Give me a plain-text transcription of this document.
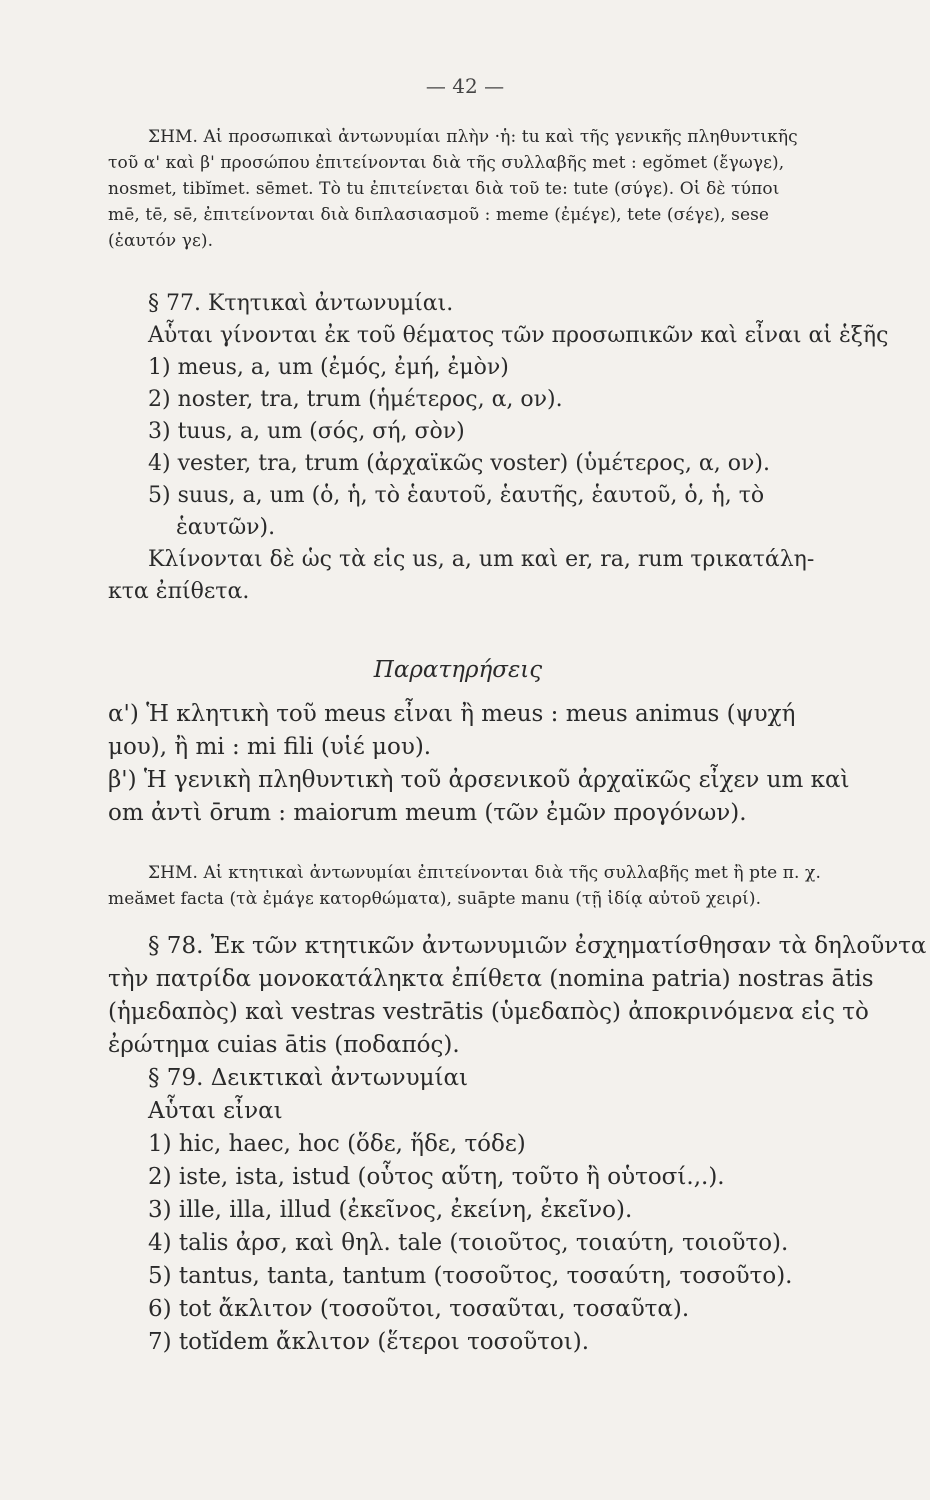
— 42 —

ΣΗΜ. Αἱ προσωπικαὶ ἀντωνυμίαι πλὴν ·ἡ: tu καὶ τῆς γενικῆς πληθυντικῆς

τοῦ α' καὶ β' προσώπου ἐπιτείνονται διὰ τῆς συλλαβῆς met : egŏmet (ἔγωγε),

nosmet, tibĭmet. sēmet. Τὸ tu ἐπιτείνεται διὰ τοῦ te: tute (σύγε). Οἱ δὲ τύποι

mē, tē, sē, ἐπιτείνονται διὰ διπλασιασμοῦ : meme (ἐμέγε), tete (σέγε), sese

(ἑαυτόν γε).

§ 77. Κτητικαὶ ἀντωνυμίαι.

Αὗται γίνονται ἐκ τοῦ θέματος τῶν προσωπικῶν καὶ εἶναι αἱ ἑξῆς

1) meus, a, um (ἐμός, ἐμή, ἐμὸν)

2) noster, tra, trum (ἡμέτερος, α, ον).

3) tuus, a, um (σός, σή, σὸν)

4) vester, tra, trum (ἀρχαϊκῶς voster) (ὑμέτερος, α, ον).

5) suus, a, um (ὁ, ἡ, τὸ ἑαυτοῦ, ἑαυτῆς, ἑαυτοῦ, ὁ, ἡ, τὸ

ἑαυτῶν).

Κλίνονται δὲ ὡς τὰ εἰς us, a, um καὶ er, ra, rum τρικατάλη-

κτα ἐπίθετα.

Παρατηρήσεις

α') Ἡ κλητικὴ τοῦ meus εἶναι ἢ meus : meus animus (ψυχή

μου), ἢ mi : mi fili (υἱέ μου).

β') Ἡ γενικὴ πληθυντικὴ τοῦ ἀρσενικοῦ ἀρχαϊκῶς εἶχεν um καὶ

om ἀντὶ ōrum : maiorum meum (τῶν ἐμῶν προγόνων).

ΣΗΜ. Αἱ κτητικαὶ ἀντωνυμίαι ἐπιτείνονται διὰ τῆς συλλαβῆς met ἢ pte π. χ.

meăмet facta (τὰ ἐμάγε κατορθώματα), suāpte manu (τῇ ἰδίᾳ αὐτοῦ χειρί).

§ 78. Ἐκ τῶν κτητικῶν ἀντωνυμιῶν ἐσχηματίσθησαν τὰ δηλοῦντα

τὴν πατρίδα μονοκατάληκτα ἐπίθετα (nomina patria) nostras ātis

(ἡμεδαπὸς) καὶ vestras vestrātis (ὑμεδαπὸς) ἀποκρινόμενα εἰς τὸ

ἐρώτημα cuias ātis (ποδαπός).

§ 79. Δεικτικαὶ ἀντωνυμίαι

Αὗται εἶναι

1) hic, haec, hoc (ὅδε, ἥδε, τόδε)

2) iste, ista, istud (οὗτος αὕτη, τοῦτο ἢ οὑτοσί.,.).

3) ille, illa, illud (ἐκεῖνος, ἐκείνη, ἐκεῖνο).

4) talis ἀρσ, καὶ θηλ. tale (τοιοῦτος, τοιαύτη, τοιοῦτο).

5) tantus, tanta, tantum (τοσοῦτος, τοσαύτη, τοσοῦτο).

6) tot ἄκλιτον (τοσοῦτοι, τοσαῦται, τοσαῦτα).

7) totĭdem ἄκλιτον (ἕτεροι τοσοῦτοι).
